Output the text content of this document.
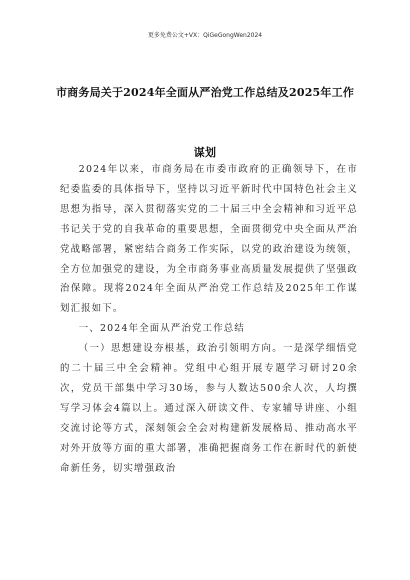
更多免费公文+VX：QiGeGongWen2024
市商务局关于2024年全面从严治党工作总结及2025年工作
谋划

2024年以来，市商务局在市委市政府的正确领导下，在市纪委监委的具体指导下，坚持以习近平新时代中国特色社会主义思想为指导，深入贯彻落实党的二十届三中全会精神和习近平总书记关于党的自我革命的重要思想，全面贯彻党中央全面从严治党战略部署，紧密结合商务工作实际，以党的政治建设为统领，全方位加强党的建设，为全市商务事业高质量发展提供了坚强政治保障。现将2024年全面从严治党工作总结及2025年工作谋划汇报如下。

一、2024年全面从严治党工作总结

（一）思想建设夯根基，政治引领明方向。一是深学细悟党的二十届三中全会精神。党组中心组开展专题学习研讨20余次，党员干部集中学习30场，参与人数达500余人次，人均撰写学习体会4篇以上。通过深入研读文件、专家辅导讲座、小组交流讨论等方式，深刻领会全会对构建新发展格局、推动高水平对外开放等方面的重大部署，准确把握商务工作在新时代的新使命新任务，切实增强政治
